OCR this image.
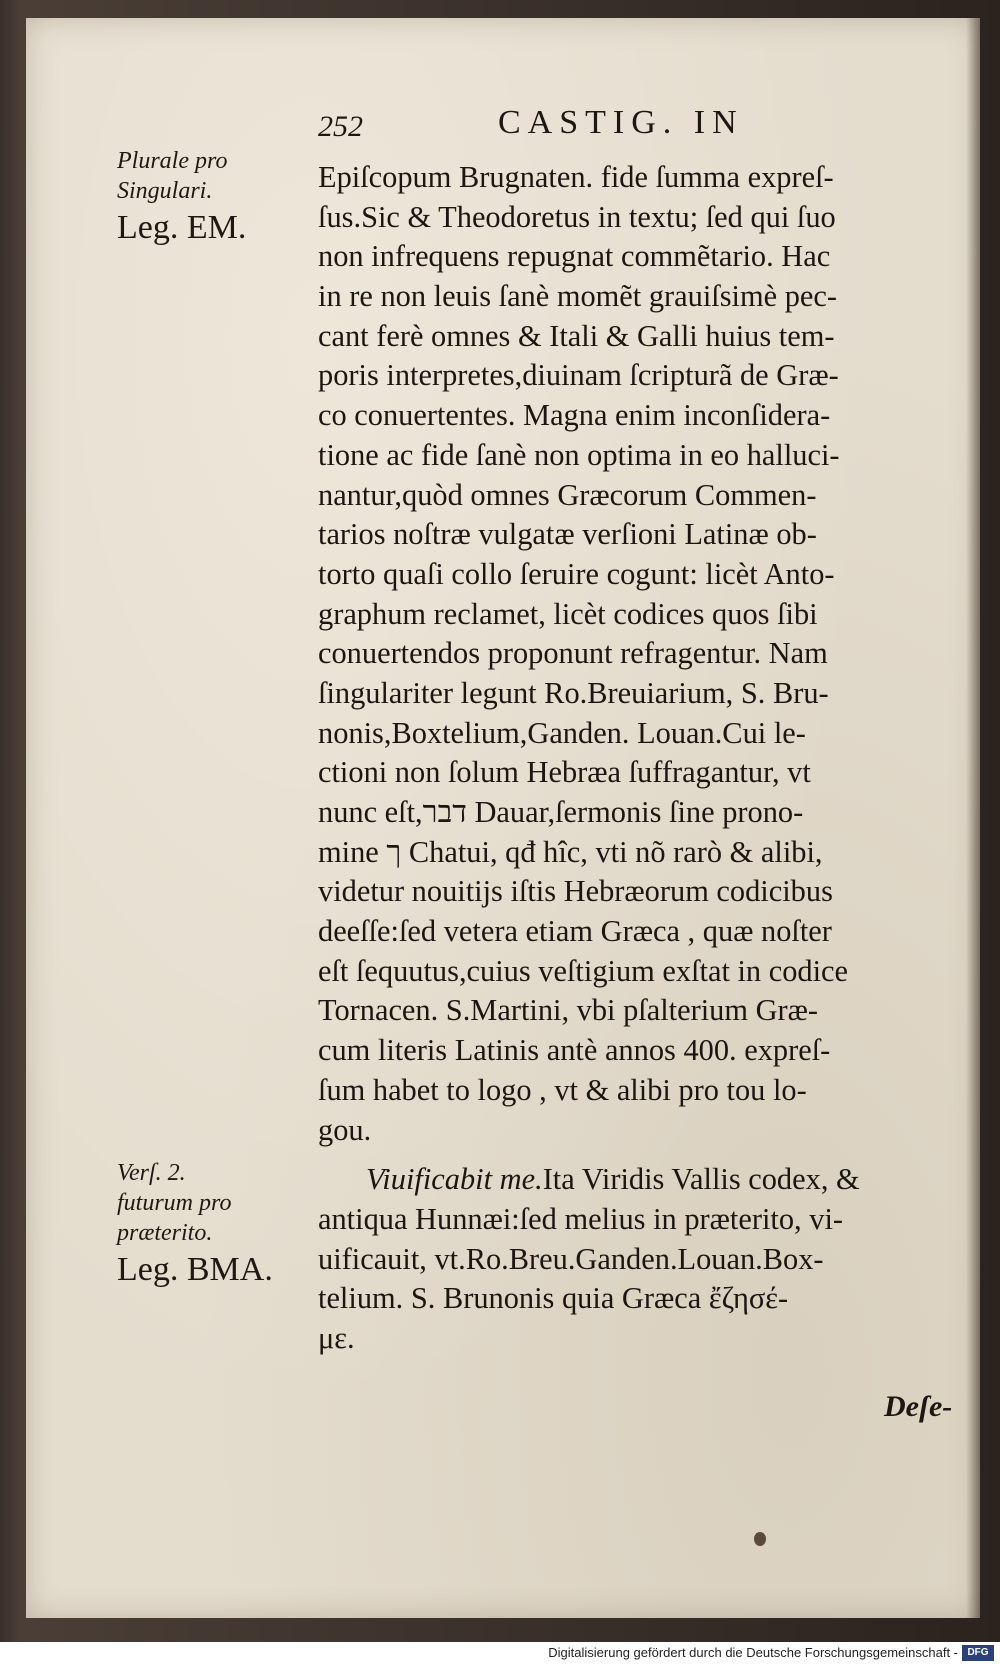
252	CASTIG. IN
Plurale pro
Singulari.
Leg. EM.
Verſ. 2.
futurum pro
præterito.
Leg. BMA.
Epiſcopum Brugnaten. fide ſumma expreſ-
ſus.Sic & Theodoretus in textu; ſed qui ſuo
non infrequens repugnat commẽtario. Hac
in re non leuis ſanè momẽt grauiſsimè pec-
cant ferè omnes & Itali & Galli huius tem-
poris interpretes,diuinam ſcripturã de Græ-
co conuertentes. Magna enim inconſidera-
tione ac fide ſanè non optima in eo halluci-
nantur,quòd omnes Græcorum Commen-
tarios noſtræ vulgatæ verſioni Latinæ ob-
torto quaſi collo ſeruire cogunt: licèt Anto-
graphum reclamet, licèt codices quos ſibi
conuertendos proponunt refragentur. Nam
ſingulariter legunt Ro.Breuiarium, S. Bru-
nonis,Boxtelium,Ganden. Louan.Cui le-
ctioni non ſolum Hebræa ſuffragantur, vt
nunc eſt,דבר Dauar,ſermonis ſine prono-
mine ך Chatui, qđ hîc, vti nõ rarò & alibi,
videtur nouitijs iſtis Hebræorum codicibus
deeſſe:ſed vetera etiam Græca , quæ noſter
eſt ſequutus,cuius veſtigium exſtat in codice
Tornacen. S.Martini, vbi pſalterium Græ-
cum literis Latinis antè annos 400. expreſ-
ſum habet to logo , vt & alibi pro tou lo-
gou.
Viuificabit me.Ita Viridis Vallis codex, &
antiqua Hunnæi:ſed melius in præterito, vi-
uificauit, vt.Ro.Breu.Ganden.Louan.Box-
telium. S. Brunonis quia Græca ἔζησέ-
με.
Deſe-
Digitalisierung gefördert durch die Deutsche Forschungsgemeinschaft - DFG
